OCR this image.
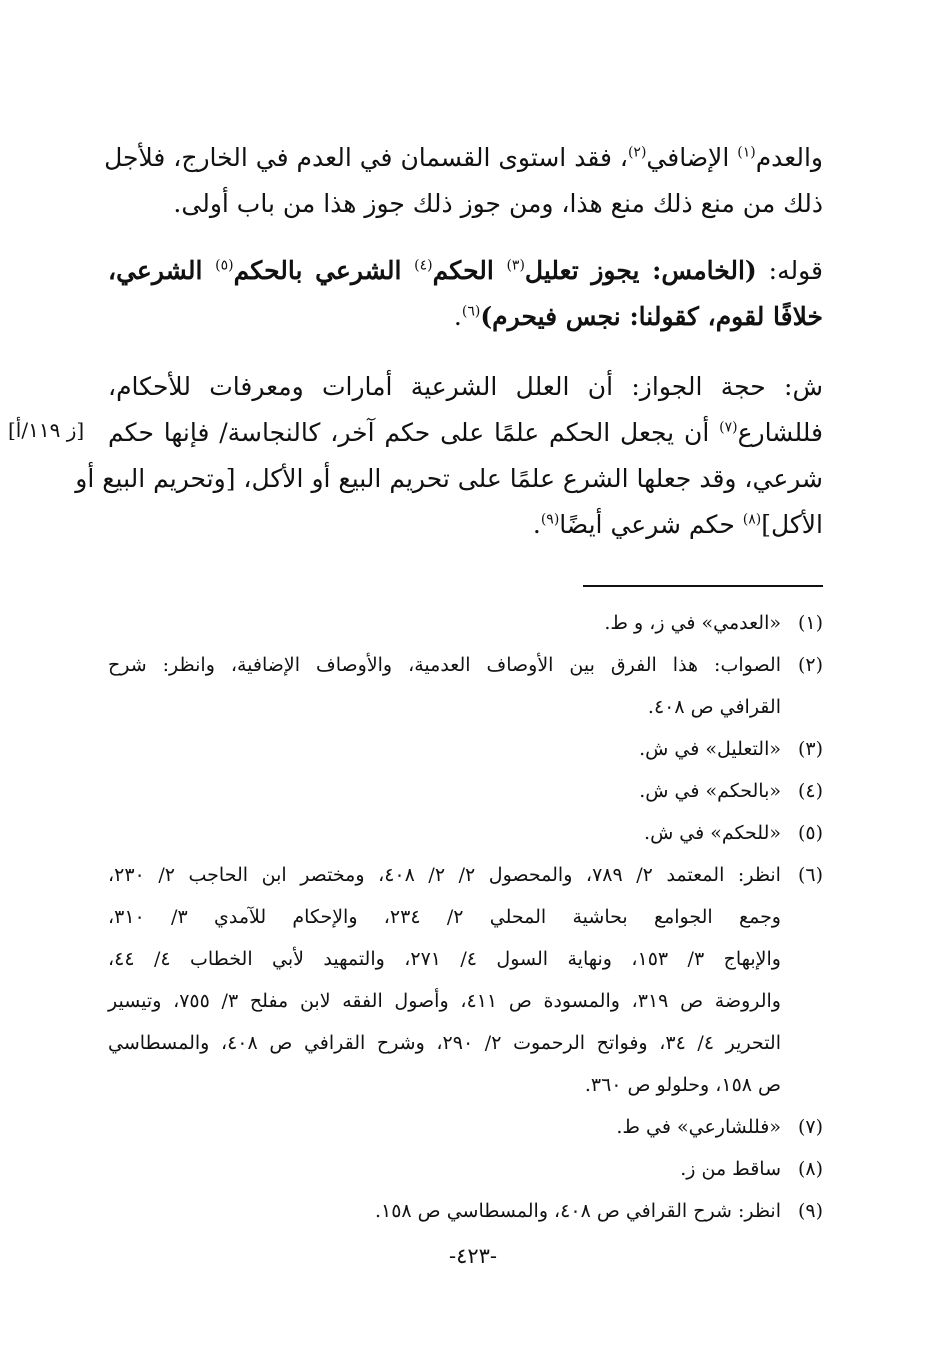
والعدم$^{(١)}$ الإضافي$^{(٢)}$، فقد استوى القسمان في العدم في الخارج، فلأجل
ذلك من منع ذلك منع هذا، ومن جوز ذلك جوز هذا من باب أولى.

قوله: (الخامس: يجوز تعليل$^{(٣)}$ الحكم$^{(٤)}$ الشرعي بالحكم$^{(٥)}$ الشرعي،
خلافًا لقوم، كقولنا: نجس فيحرم)$^{(٦)}$.

ش: حجة الجواز: أن العلل الشرعية أمارات ومعرفات للأحكام،
فللشارع$^{(٧)}$ أن يجعل الحكم علمًا على حكم آخر، كالنجاسة/ فإنها حكم
شرعي، وقد جعلها الشرع علمًا على تحريم البيع أو الأكل، [وتحريم البيع أو
الأكل]$^{(٨)}$ حكم شرعي أيضًا$^{(٩)}$.

[ز ١١٩/أ]
(١)
«العدمي» في ز، و ط.
(٢)
الصواب: هذا الفرق بين الأوصاف العدمية، والأوصاف الإضافية، وانظر: شرح
القرافي ص ٤٠٨.
(٣)
«التعليل» في ش.
(٤)
«بالحكم» في ش.
(٥)
«للحكم» في ش.
(٦)
انظر: المعتمد ٢/ ٧٨٩، والمحصول ٢/ ٢/ ٤٠٨، ومختصر ابن الحاجب ٢/ ٢٣٠،
وجمع الجوامع بحاشية المحلي ٢/ ٢٣٤، والإحكام للآمدي ٣/ ٣١٠،
والإبهاج ٣/ ١٥٣، ونهاية السول ٤/ ٢٧١، والتمهيد لأبي الخطاب ٤/ ٤٤،
والروضة ص ٣١٩، والمسودة ص ٤١١، وأصول الفقه لابن مفلح ٣/ ٧٥٥، وتيسير
التحرير ٤/ ٣٤، وفواتح الرحموت ٢/ ٢٩٠، وشرح القرافي ص ٤٠٨، والمسطاسي
ص ١٥٨، وحلولو ص ٣٦٠.
(٧)
«فللشارعي» في ط.
(٨)
ساقط من ز.
(٩)
انظر: شرح القرافي ص ٤٠٨، والمسطاسي ص ١٥٨.
-٤٢٣-
